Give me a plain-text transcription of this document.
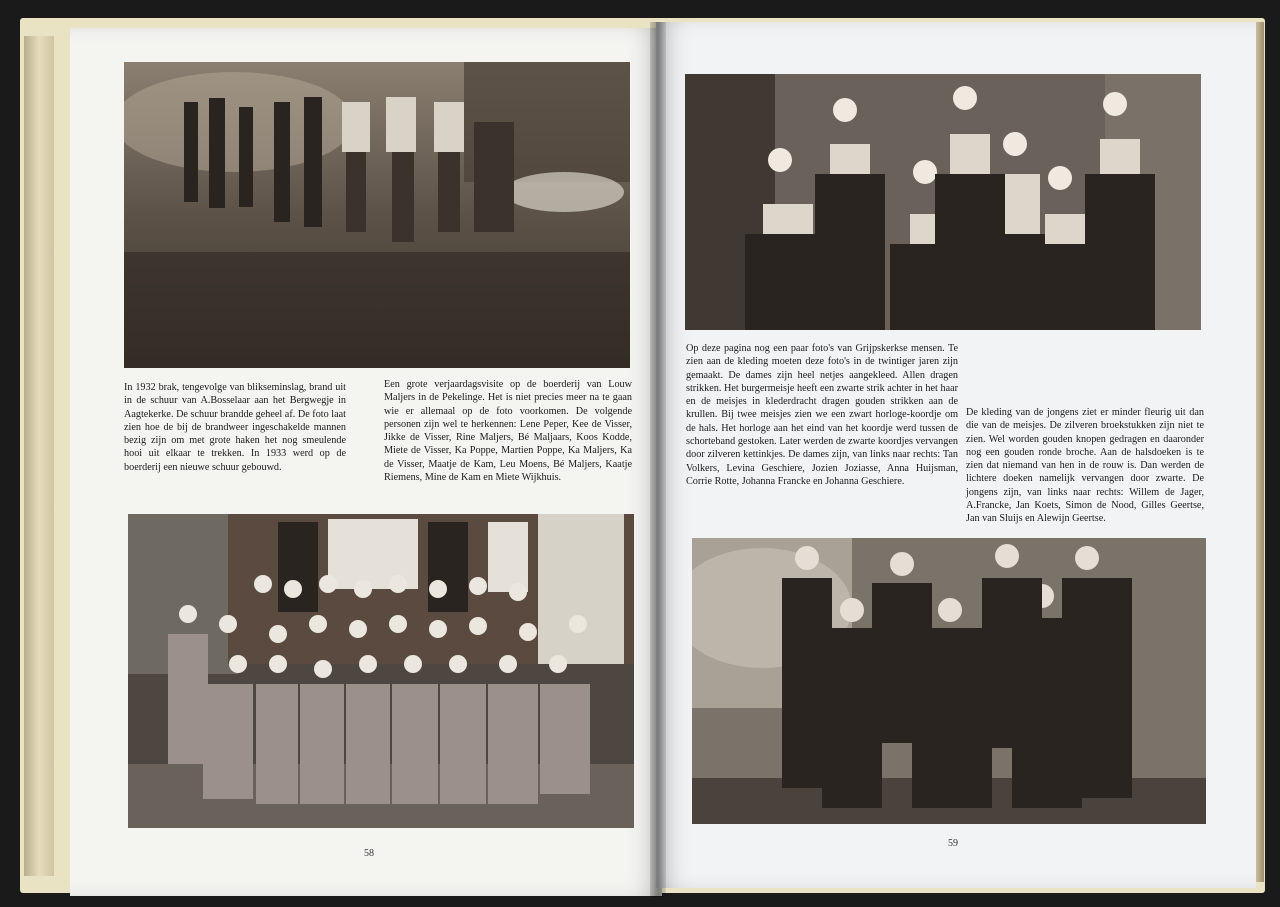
In 1932 brak, tengevolge van blikseminslag, brand uit in de schuur van A.Bosselaar aan het Bergwegje in Aagtekerke. De schuur brandde geheel af. De foto laat zien hoe de bij de brandweer ingeschakelde mannen bezig zijn om met grote haken het nog smeulende hooi uit elkaar te trekken. In 1933 werd op de boerderij een nieuwe schuur gebouwd.
Een grote verjaardagsvisite op de boerderij van Louw Maljers in de Pekelinge. Het is niet precies meer na te gaan wie er allemaal op de foto voorkomen. De volgende personen zijn wel te herkennen: Lene Peper, Kee de Visser, Jikke de Visser, Rine Maljers, Bé Maljaars, Koos Kodde, Miete de Visser, Ka Poppe, Martien Poppe, Ka Maljers, Ka de Visser, Maatje de Kam, Leu Moens, Bé Maljers, Kaatje Riemens, Mine de Kam en Miete Wijkhuis.
58
Op deze pagina nog een paar foto's van Grijpskerkse mensen. Te zien aan de kleding moeten deze foto's in de twintiger jaren zijn gemaakt. De dames zijn heel netjes aangekleed. Allen dragen strikken. Het burgermeisje heeft een zwarte strik achter in het haar en de meisjes in klederdracht dragen gouden strikken aan de krullen. Bij twee meisjes zien we een zwart horloge-koordje om de hals. Het horloge aan het eind van het koordje werd tussen de schorteband gestoken. Later werden de zwarte koordjes vervangen door zilveren kettinkjes. De dames zijn, van links naar rechts: Tan Volkers, Levina Geschiere, Jozien Joziasse, Anna Huijsman, Corrie Rotte, Johanna Francke en Johanna Geschiere.
De kleding van de jongens ziet er minder fleurig uit dan die van de meisjes. De zilveren broekstukken zijn niet te zien. Wel worden gouden knopen gedragen en daaronder nog een gouden ronde broche. Aan de halsdoeken is te zien dat niemand van hen in de rouw is. Dan werden de lichtere doeken namelijk vervangen door zwarte. De jongens zijn, van links naar rechts: Willem de Jager, A.Francke, Jan Koets, Simon de Nood, Gilles Geertse, Jan van Sluijs en Alewijn Geertse.
59
